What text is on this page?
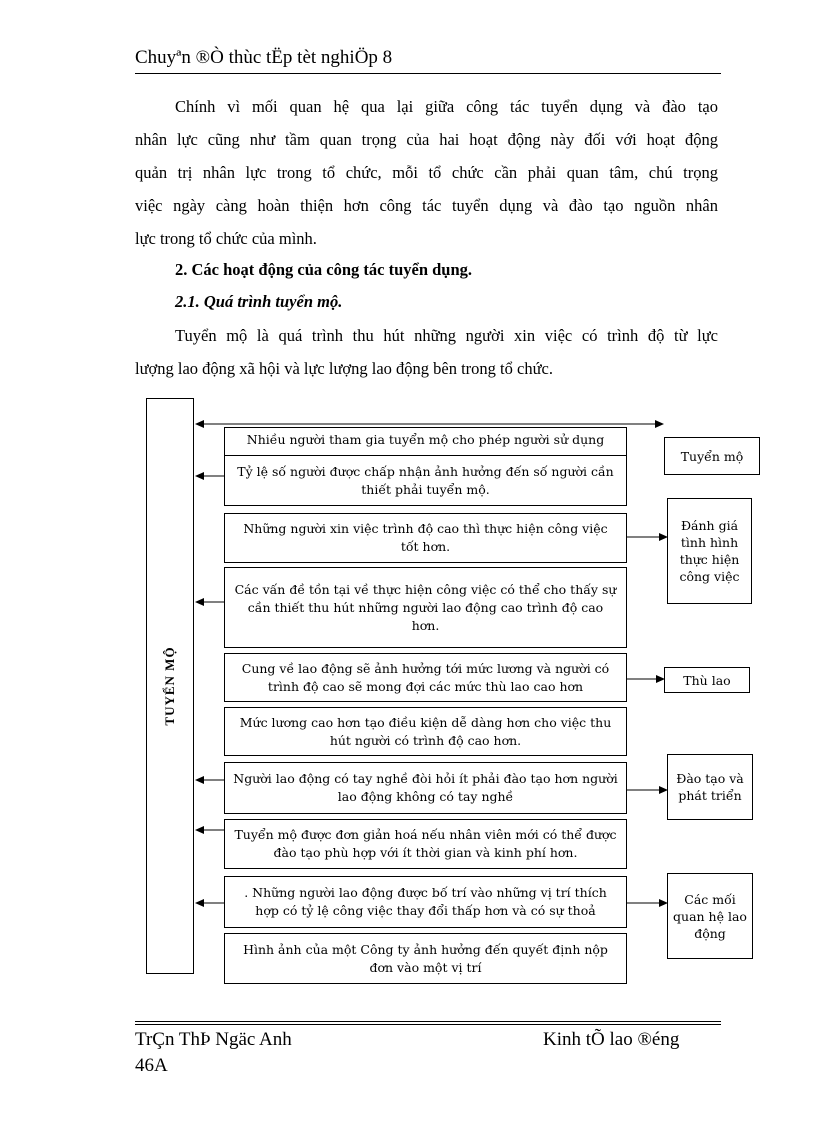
Chuyªn ®Ò thùc tËp tèt nghiÖp 8
Chính vì mối quan hệ qua lại giữa công tác tuyển dụng và đào tạo
nhân lực cũng như tầm quan trọng của hai hoạt động này đối với hoạt động
quản trị nhân lực trong tổ chức, mỗi tổ chức cần phải quan tâm, chú trọng
việc ngày càng hoàn thiện hơn công tác tuyển dụng và đào tạo nguồn nhân
lực trong tổ chức của mình.
2. Các hoạt động của công tác tuyển dụng.
2.1. Quá trình tuyển mộ.
Tuyển mộ là quá trình thu hút những người xin việc có trình độ từ lực
lượng lao động xã hội và lực lượng lao động bên trong tổ chức.
TUYỂN MỘ
Nhiều người tham gia tuyển mộ cho phép người sử dụng
Tỷ lệ số người được chấp nhận ảnh hưởng đến số người cần thiết phải tuyển mộ.
Những người xin việc trình độ cao thì thực hiện công việc tốt hơn.
Các vấn đề tồn tại về thực hiện công việc có thể cho thấy sự cần thiết thu hút những người lao động cao trình độ cao hơn.
Cung về lao động sẽ ảnh hưởng tới mức lương và người có trình độ cao sẽ mong đợi các mức thù lao cao hơn
Mức lương cao hơn tạo điều kiện dễ dàng hơn cho việc thu hút người có trình độ cao hơn.
Người lao động có tay nghề đòi hỏi ít phải đào tạo hơn người lao động không có tay nghề
Tuyển mộ được đơn giản hoá nếu nhân viên mới có thể được đào tạo phù hợp với ít thời gian và kinh phí hơn.
. Những người lao động được bố trí vào những vị trí thích hợp có tỷ lệ công việc thay đổi thấp hơn và có sự thoả
Hình ảnh của một Công ty ảnh hưởng đến quyết định nộp đơn vào một vị trí
Tuyển mộ
Đánh giá tình hình thực hiện công việc
Thù lao
Đào tạo và phát triển
Các mối quan hệ lao động
TrÇn ThÞ Ngäc Anh
46A
Kinh tÕ lao ®éng
